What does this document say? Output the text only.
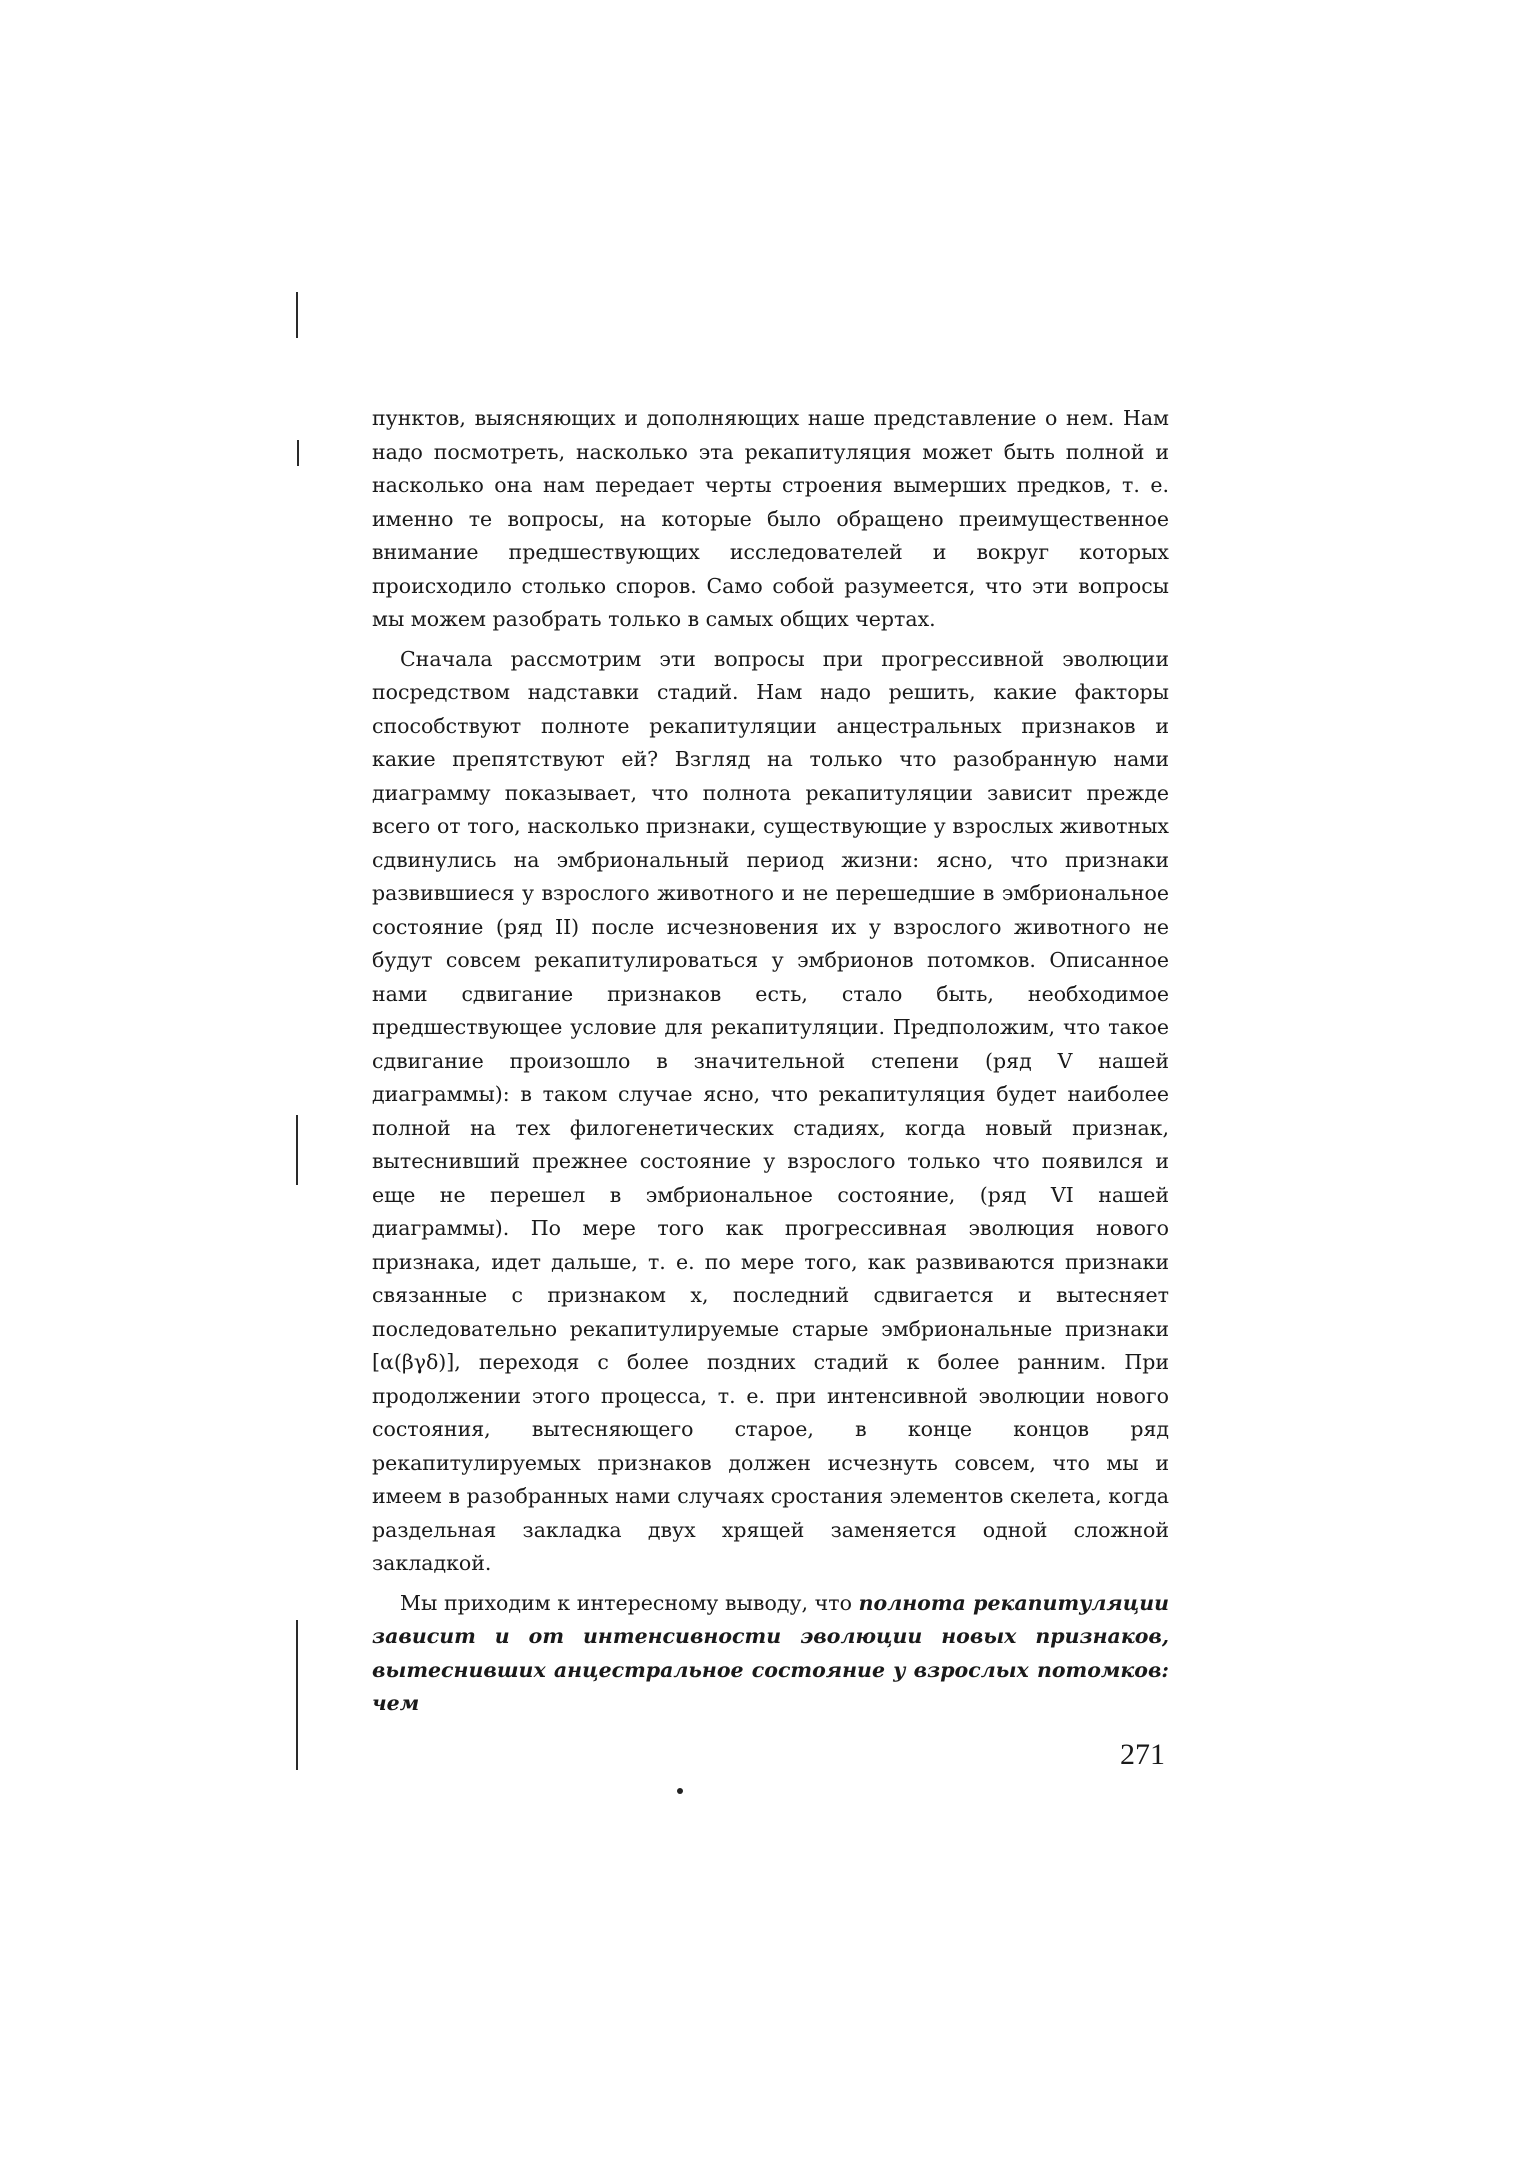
пунктов, выясняющих и дополняющих наше представление о нем. Нам надо посмотреть, насколько эта рекапитуляция может быть полной и насколько она нам передает черты строения вымерших предков, т. е. именно те вопросы, на которые было обращено преимущественное внимание предшествующих исследователей и вокруг которых происходило столько споров. Само собой разумеется, что эти вопросы мы можем разобрать только в самых общих чертах.

Сначала рассмотрим эти вопросы при прогрессивной эволюции посредством надставки стадий. Нам надо решить, какие факторы способствуют полноте рекапитуляции анцестральных признаков и какие препятствуют ей? Взгляд на только что разобранную нами диаграмму показывает, что полнота рекапитуляции зависит прежде всего от того, насколько признаки, существующие у взрослых животных сдвинулись на эмбриональный период жизни: ясно, что признаки развившиеся у взрослого животного и не перешедшие в эмбриональное состояние (ряд II) после исчезновения их у взрослого животного не будут совсем рекапитулироваться у эмбрионов потомков. Описанное нами сдвигание признаков есть, стало быть, необходимое предшествующее условие для рекапитуляции. Предположим, что такое сдвигание произошло в значительной степени (ряд V нашей диаграммы): в таком случае ясно, что рекапитуляция будет наиболее полной на тех филогенетических стадиях, когда новый признак, вытеснивший прежнее состояние у взрослого только что появился и еще не перешел в эмбриональное состояние, (ряд VI нашей диаграммы). По мере того как прогрессивная эволюция нового признака, идет дальше, т. е. по мере того, как развиваются признаки связанные с признаком x, последний сдвигается и вытесняет последовательно рекапитулируемые старые эмбриональные признаки [α(βγδ)], переходя с более поздних стадий к более ранним. При продолжении этого процесса, т. е. при интенсивной эволюции нового состояния, вытесняющего старое, в конце концов ряд рекапитулируемых признаков должен исчезнуть совсем, что мы и имеем в разобранных нами случаях сростания элементов скелета, когда раздельная закладка двух хрящей заменяется одной сложной закладкой.

Мы приходим к интересному выводу, что полнота рекапитуляции зависит и от интенсивности эволюции новых признаков, вытеснивших анцестральное состояние у взрослых потомков: чем

271
